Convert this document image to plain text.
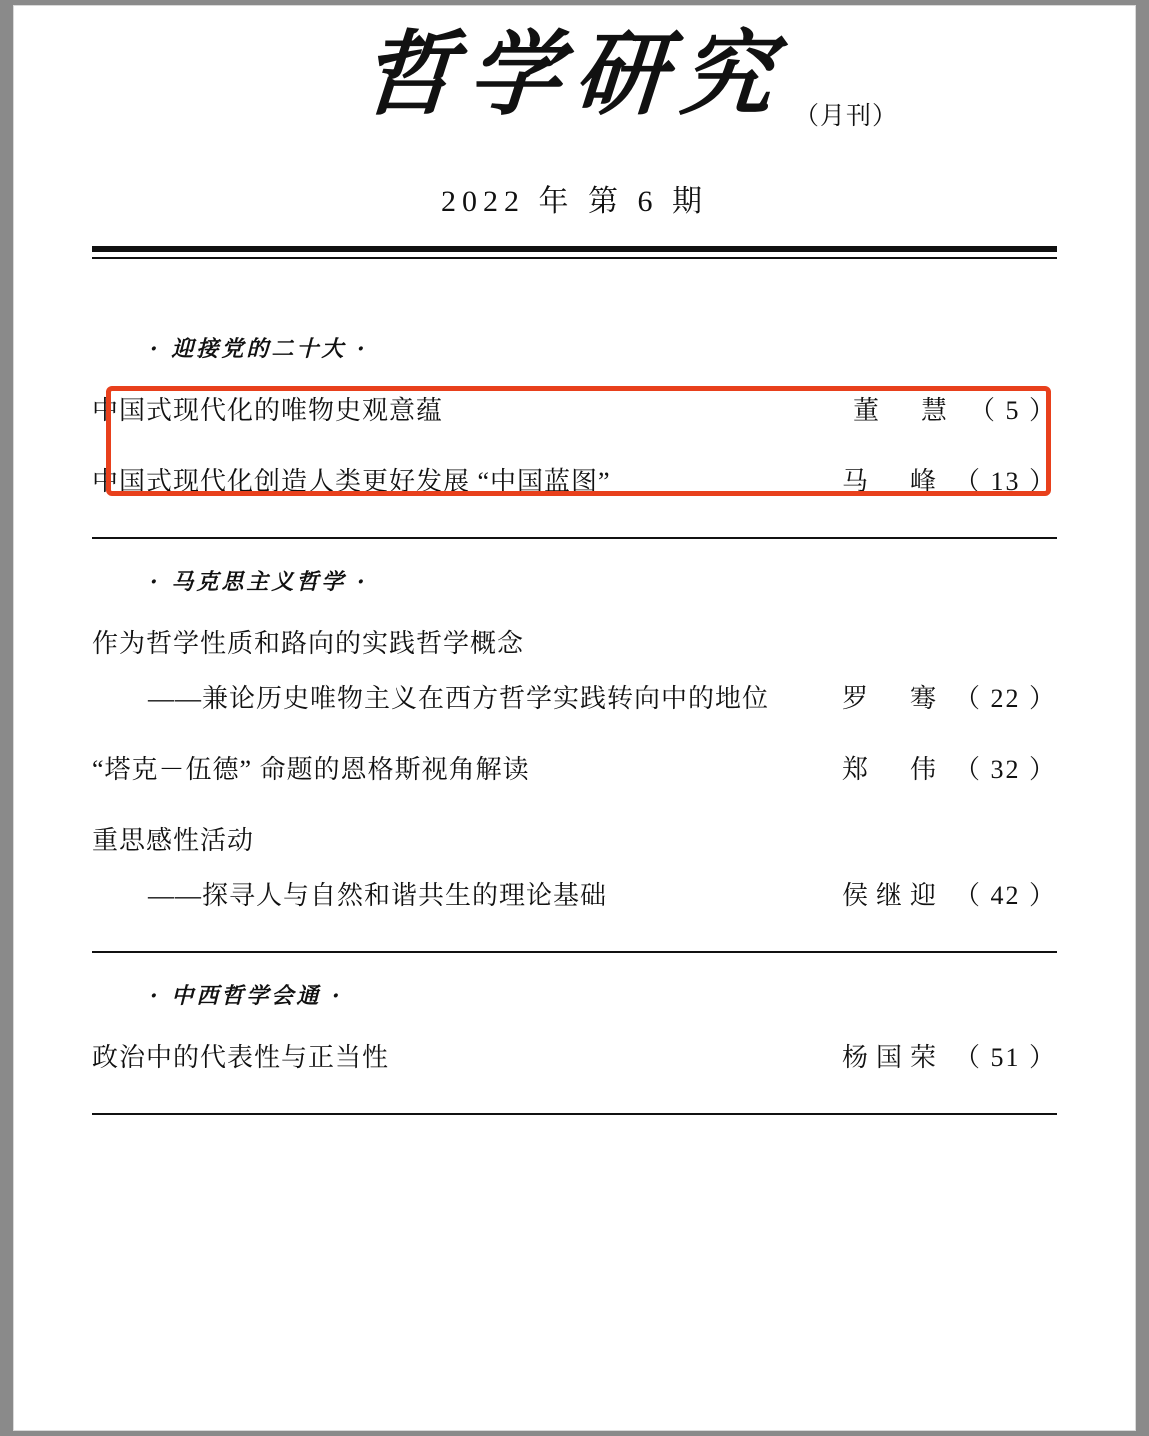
哲学研究 （月刊）
2022 年 第 6 期
· 迎接党的二十大 ·
中国式现代化的唯物史观意蕴	董　慧 （ 5 ）
中国式现代化创造人类更好发展 “中国蓝图”	马　峰 （ 13 ）
· 马克思主义哲学 ·
作为哲学性质和路向的实践哲学概念
——兼论历史唯物主义在西方哲学实践转向中的地位	罗　骞 （ 22 ）
“塔克－伍德” 命题的恩格斯视角解读	郑　伟 （ 32 ）
重思感性活动
——探寻人与自然和谐共生的理论基础	侯继迎 （ 42 ）
· 中西哲学会通 ·
政治中的代表性与正当性	杨国荣 （ 51 ）
